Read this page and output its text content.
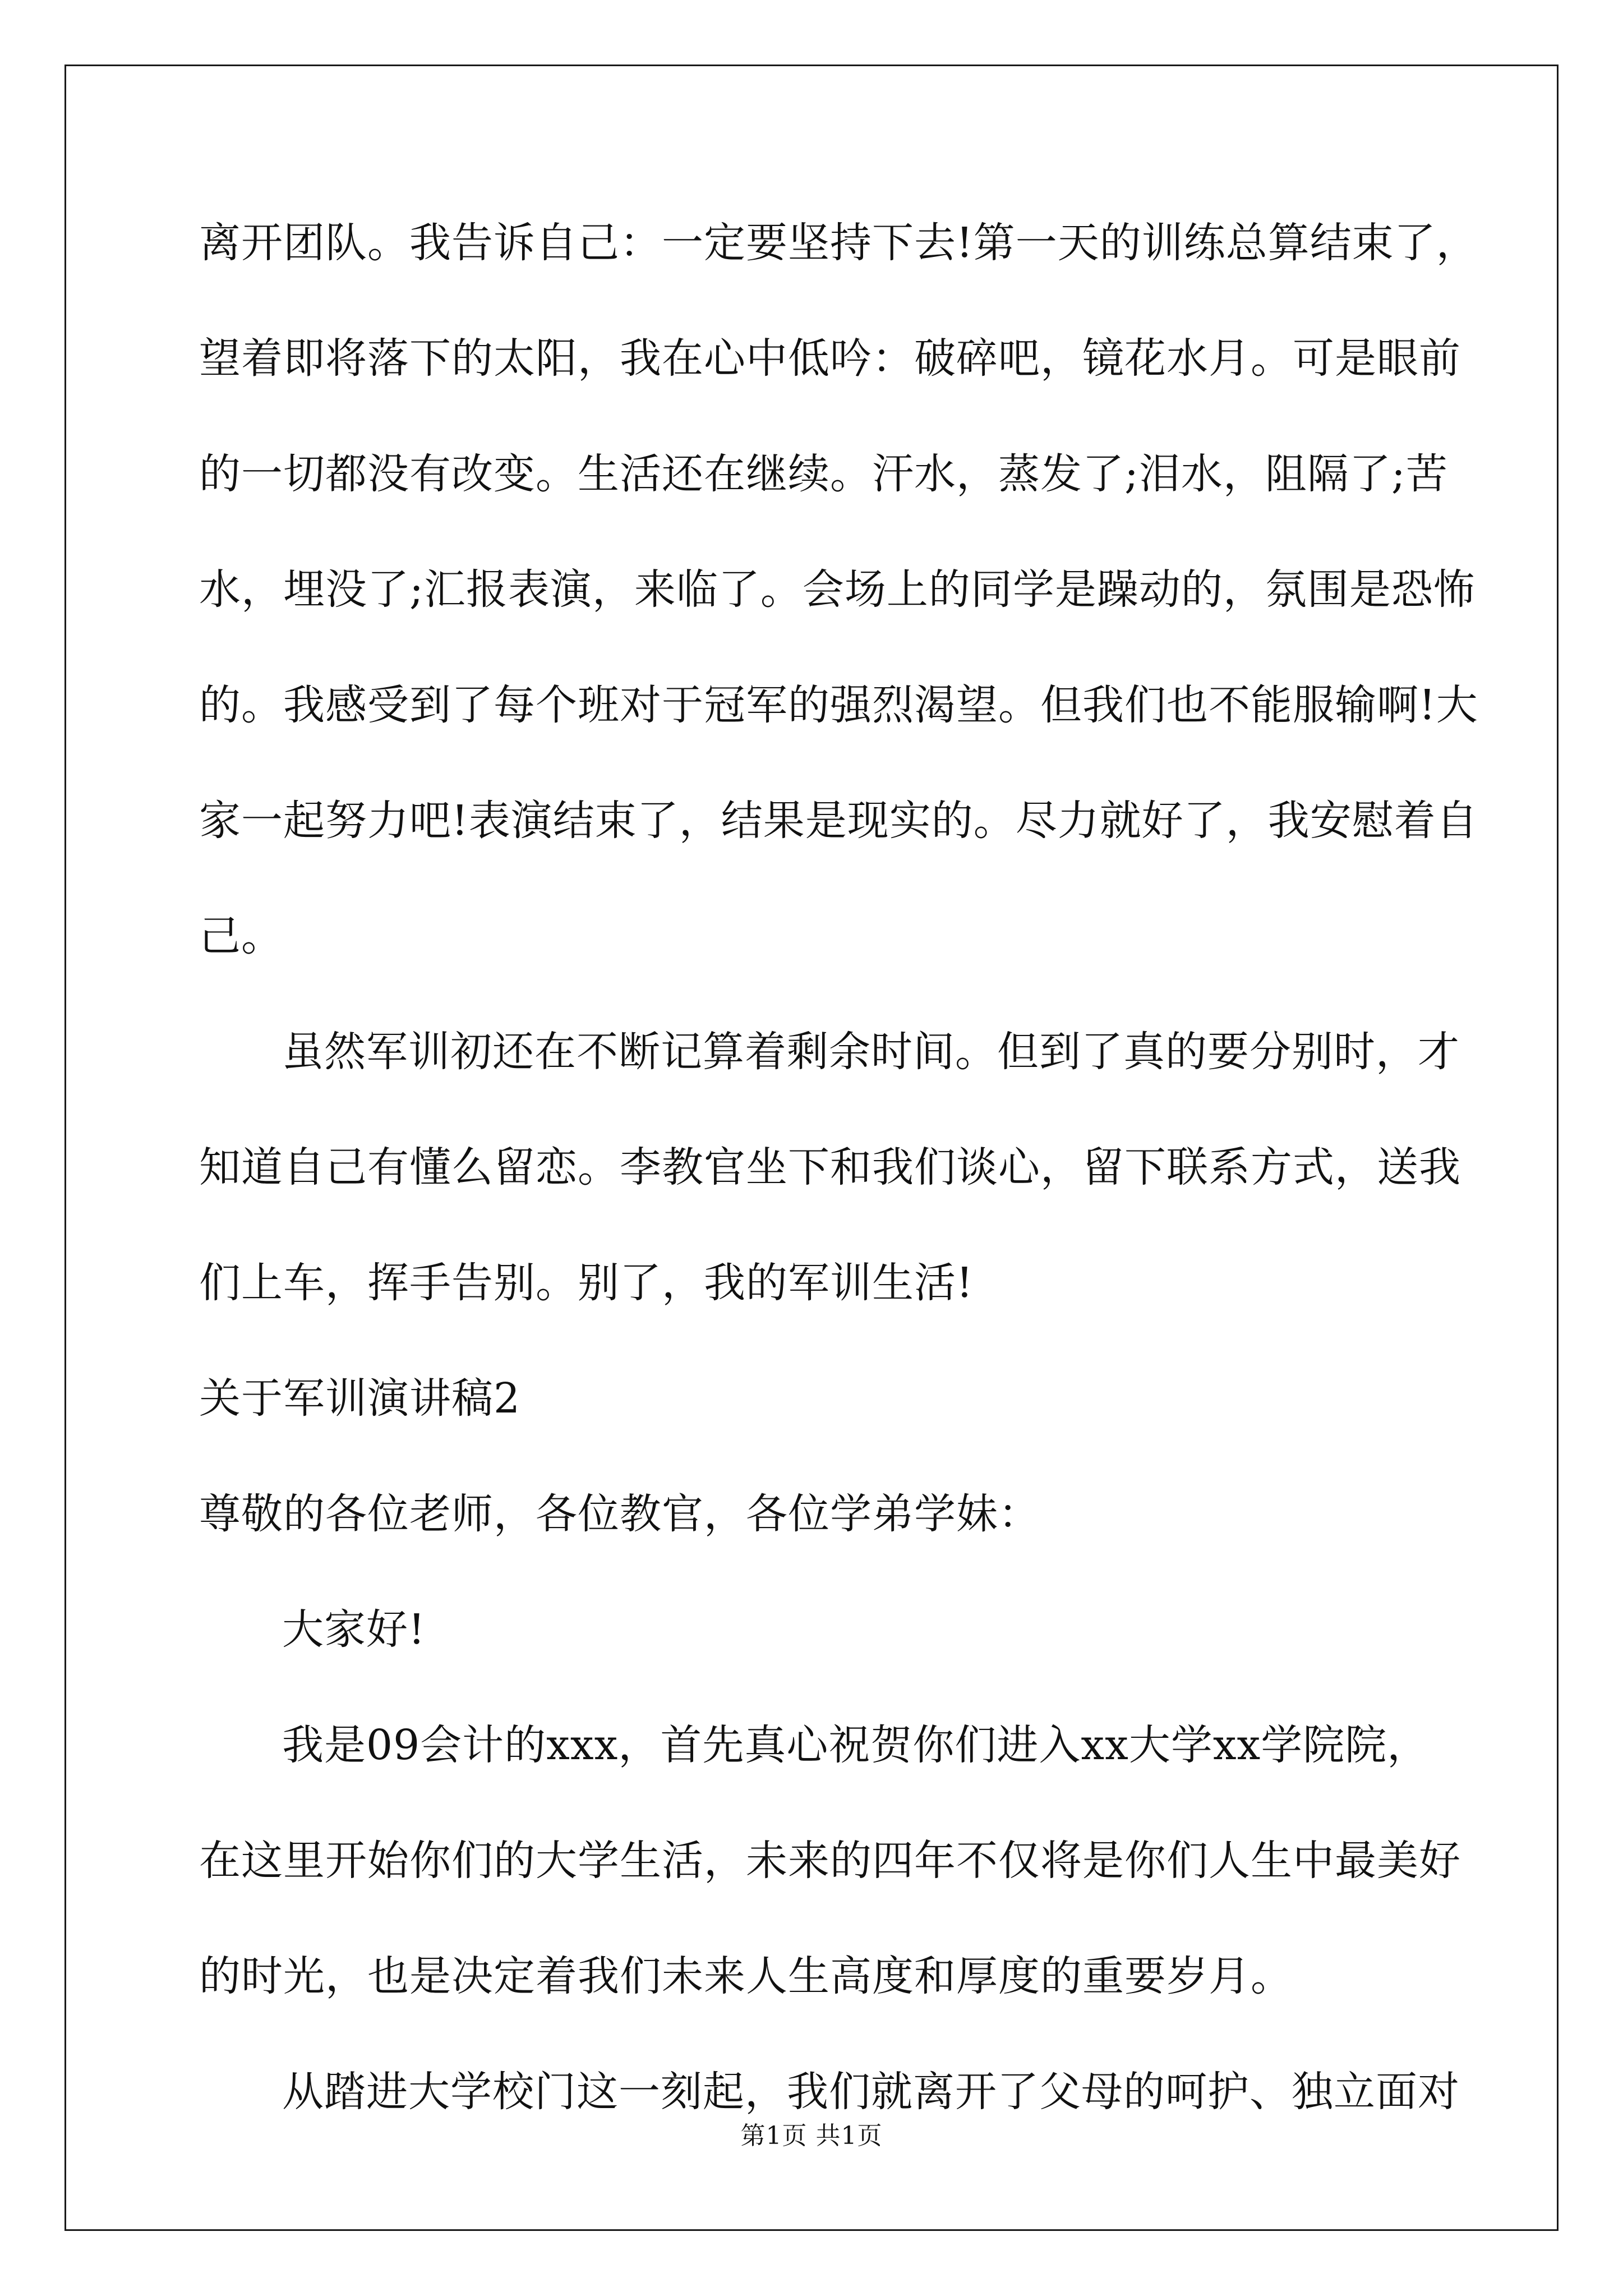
离开团队。我告诉自己：一定要坚持下去!第一天的训练总算结束了，
望着即将落下的太阳，我在心中低吟：破碎吧，镜花水月。可是眼前
的一切都没有改变。生活还在继续。汗水，蒸发了;泪水，阻隔了;苦
水，埋没了;汇报表演，来临了。会场上的同学是躁动的，氛围是恐怖
的。我感受到了每个班对于冠军的强烈渴望。但我们也不能服输啊!大
家一起努力吧!表演结束了，结果是现实的。尽力就好了，我安慰着自
己。
虽然军训初还在不断记算着剩余时间。但到了真的要分别时，才
知道自己有懂么留恋。李教官坐下和我们谈心，留下联系方式，送我
们上车，挥手告别。别了，我的军训生活!
关于军训演讲稿2
尊敬的各位老师，各位教官，各位学弟学妹：
大家好!
我是09会计的xxx，首先真心祝贺你们进入xx大学xx学院院，
在这里开始你们的大学生活，未来的四年不仅将是你们人生中最美好
的时光，也是决定着我们未来人生高度和厚度的重要岁月。
从踏进大学校门这一刻起，我们就离开了父母的呵护、独立面对
第1页 共1页
